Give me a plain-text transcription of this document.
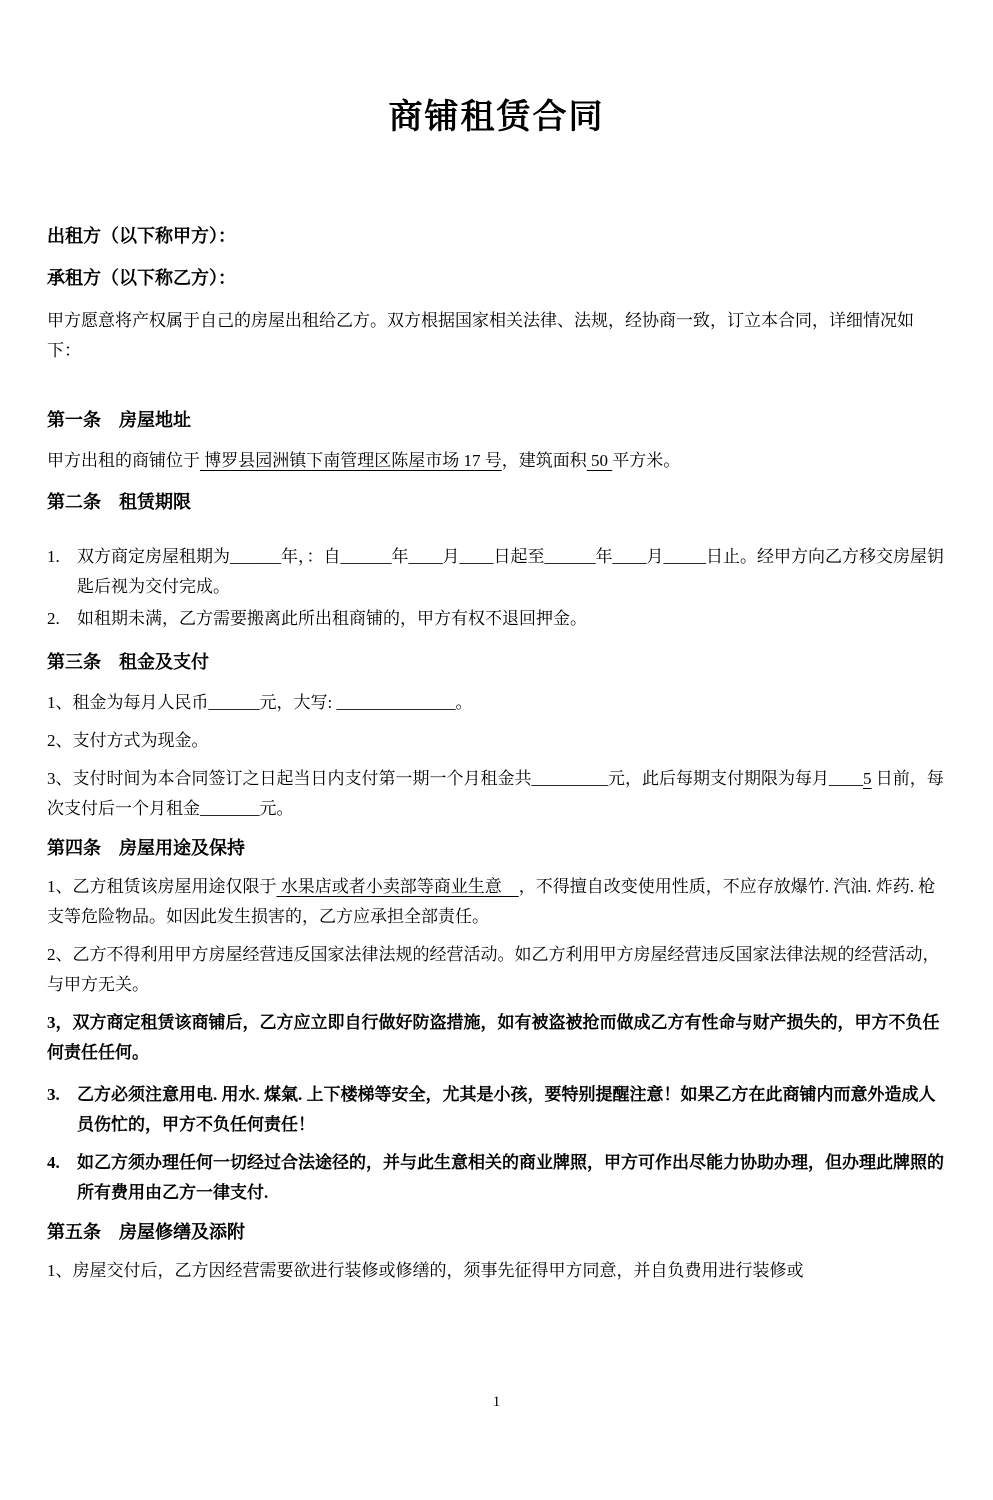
商铺租赁合同

出租方（以下称甲方）：

承租方（以下称乙方）：

甲方愿意将产权属于自己的房屋出租给乙方。双方根据国家相关法律、法规，经协商一致，订立本合同，详细情况如下：

第一条　房屋地址

甲方出租的商铺位于 博罗县园洲镇下南管理区陈屋市场 17 号，建筑面积 50 平方米。

第二条　租赁期限
1.	双方商定房屋租期为______年，：自______年____月____日起至______年____月_____日止。经甲方向乙方移交房屋钥匙后视为交付完成。
2.	如租期未满，乙方需要搬离此所出租商铺的，甲方有权不退回押金。
第三条　租金及支付

1、租金为每月人民币______元，大写: ______________。

2、支付方式为现金。

3、支付时间为本合同签订之日起当日内支付第一期一个月租金共_________元，此后每期支付期限为每月____5 日前，每次支付后一个月租金_______元。

第四条　房屋用途及保持

1、乙方租赁该房屋用途仅限于 水果店或者小卖部等商业生意    ，不得擅自改变使用性质，不应存放爆竹. 汽油. 炸药. 枪支等危险物品。如因此发生损害的，乙方应承担全部责任。

2、乙方不得利用甲方房屋经营违反国家法律法规的经营活动。如乙方利用甲方房屋经营违反国家法律法规的经营活动，与甲方无关。

3，双方商定租赁该商铺后，乙方应立即自行做好防盗措施，如有被盗被抢而做成乙方有性命与财产损失的，甲方不负任何责任任何。

3.	乙方必须注意用电. 用水. 煤氣. 上下楼梯等安全，尤其是小孩，要特别提醒注意！如果乙方在此商铺内而意外造成人员伤忙的，甲方不负任何责任！
4.	如乙方须办理任何一切经过合法途径的，并与此生意相关的商业牌照，甲方可作出尽能力协助办理，但办理此牌照的所有费用由乙方一律支付.
第五条　房屋修缮及添附

1、房屋交付后，乙方因经营需要欲进行装修或修缮的，须事先征得甲方同意，并自负费用进行装修或

1
